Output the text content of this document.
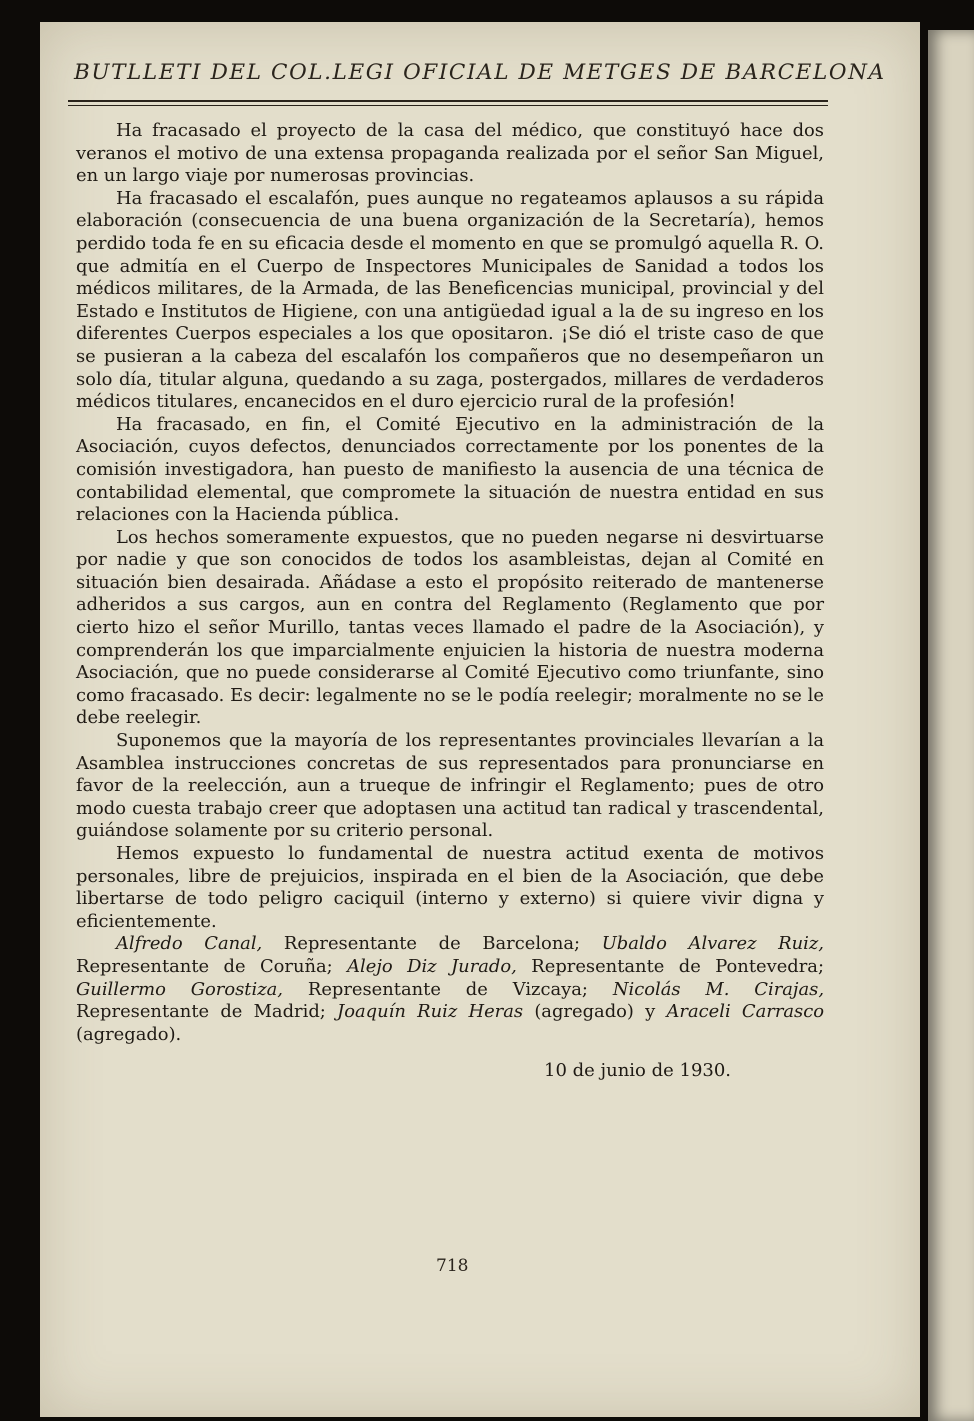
BUTLLETI DEL COL.LEGI OFICIAL DE METGES DE BARCELONA

Ha fracasado el proyecto de la casa del médico, que constituyó hace dos veranos el motivo de una extensa propaganda realizada por el señor San Miguel, en un largo viaje por numerosas provincias.

Ha fracasado el escalafón, pues aunque no regateamos aplausos a su rápida elaboración (consecuencia de una buena organización de la Secretaría), hemos perdido toda fe en su eficacia desde el momento en que se promulgó aquella R. O. que admitía en el Cuerpo de Inspectores Municipales de Sanidad a todos los médicos militares, de la Armada, de las Beneficencias municipal, provincial y del Estado e Institutos de Higiene, con una antigüedad igual a la de su ingreso en los diferentes Cuerpos especiales a los que opositaron. ¡Se dió el triste caso de que se pusieran a la cabeza del escalafón los compañeros que no desempeñaron un solo día, titular alguna, quedando a su zaga, postergados, millares de verdaderos médicos titulares, encanecidos en el duro ejercicio rural de la profesión!

Ha fracasado, en fin, el Comité Ejecutivo en la administración de la Asociación, cuyos defectos, denunciados correctamente por los ponentes de la comisión investigadora, han puesto de manifiesto la ausencia de una técnica de contabilidad elemental, que compromete la situación de nuestra entidad en sus relaciones con la Hacienda pública.

Los hechos someramente expuestos, que no pueden negarse ni desvirtuarse por nadie y que son conocidos de todos los asambleistas, dejan al Comité en situación bien desairada. Añádase a esto el propósito reiterado de mantenerse adheridos a sus cargos, aun en contra del Reglamento (Reglamento que por cierto hizo el señor Murillo, tantas veces llamado el padre de la Asociación), y comprenderán los que imparcialmente enjuicien la historia de nuestra moderna Asociación, que no puede considerarse al Comité Ejecutivo como triunfante, sino como fracasado. Es decir: legalmente no se le podía reelegir; moralmente no se le debe reelegir.

Suponemos que la mayoría de los representantes provinciales llevarían a la Asamblea instrucciones concretas de sus representados para pronunciarse en favor de la reelección, aun a trueque de infringir el Reglamento; pues de otro modo cuesta trabajo creer que adoptasen una actitud tan radical y trascendental, guiándose solamente por su criterio personal.

Hemos expuesto lo fundamental de nuestra actitud exenta de motivos personales, libre de prejuicios, inspirada en el bien de la Asociación, que debe libertarse de todo peligro caciquil (interno y externo) si quiere vivir digna y eficientemente.

Alfredo Canal, Representante de Barcelona; Ubaldo Alvarez Ruiz, Representante de Coruña; Alejo Diz Jurado, Representante de Pontevedra; Guillermo Gorostiza, Representante de Vizcaya; Nicolás M. Cirajas, Representante de Madrid; Joaquín Ruiz Heras (agregado) y Araceli Carrasco (agregado).

10 de junio de 1930.
718
